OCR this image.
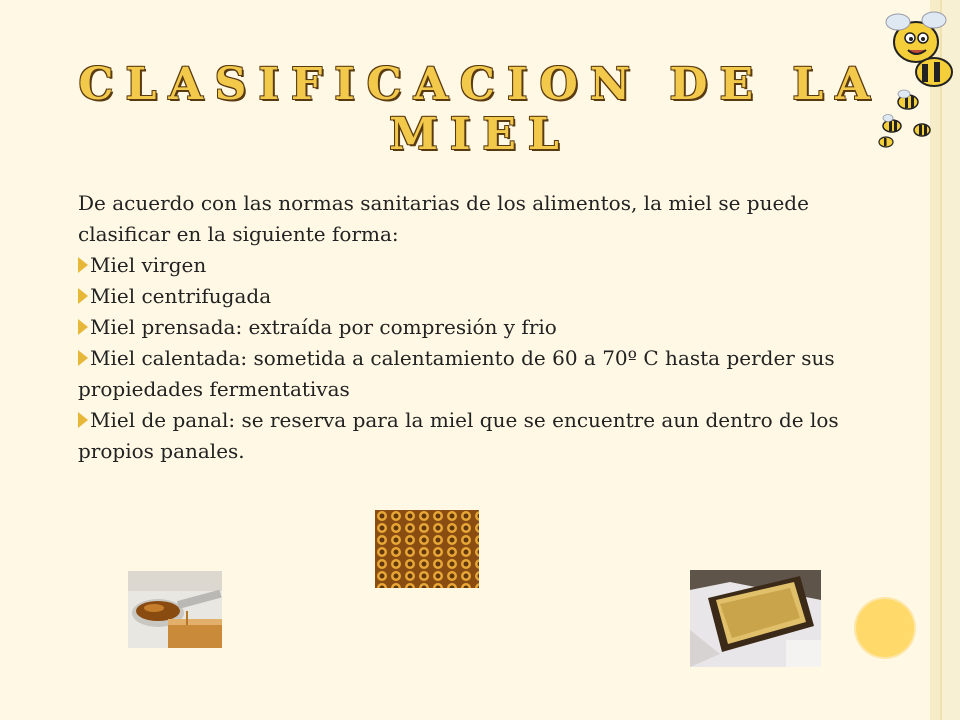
CLASIFICACION DE LA MIEL

De acuerdo con las normas sanitarias de los alimentos, la miel se puede clasificar en la siguiente forma:

Miel virgen
Miel centrifugada
Miel prensada: extraída por compresión y frio
Miel calentada: sometida a calentamiento de 60 a 70º C hasta perder sus propiedades fermentativas
Miel de panal: se reserva para la miel que se encuentre aun dentro de los propios panales.
